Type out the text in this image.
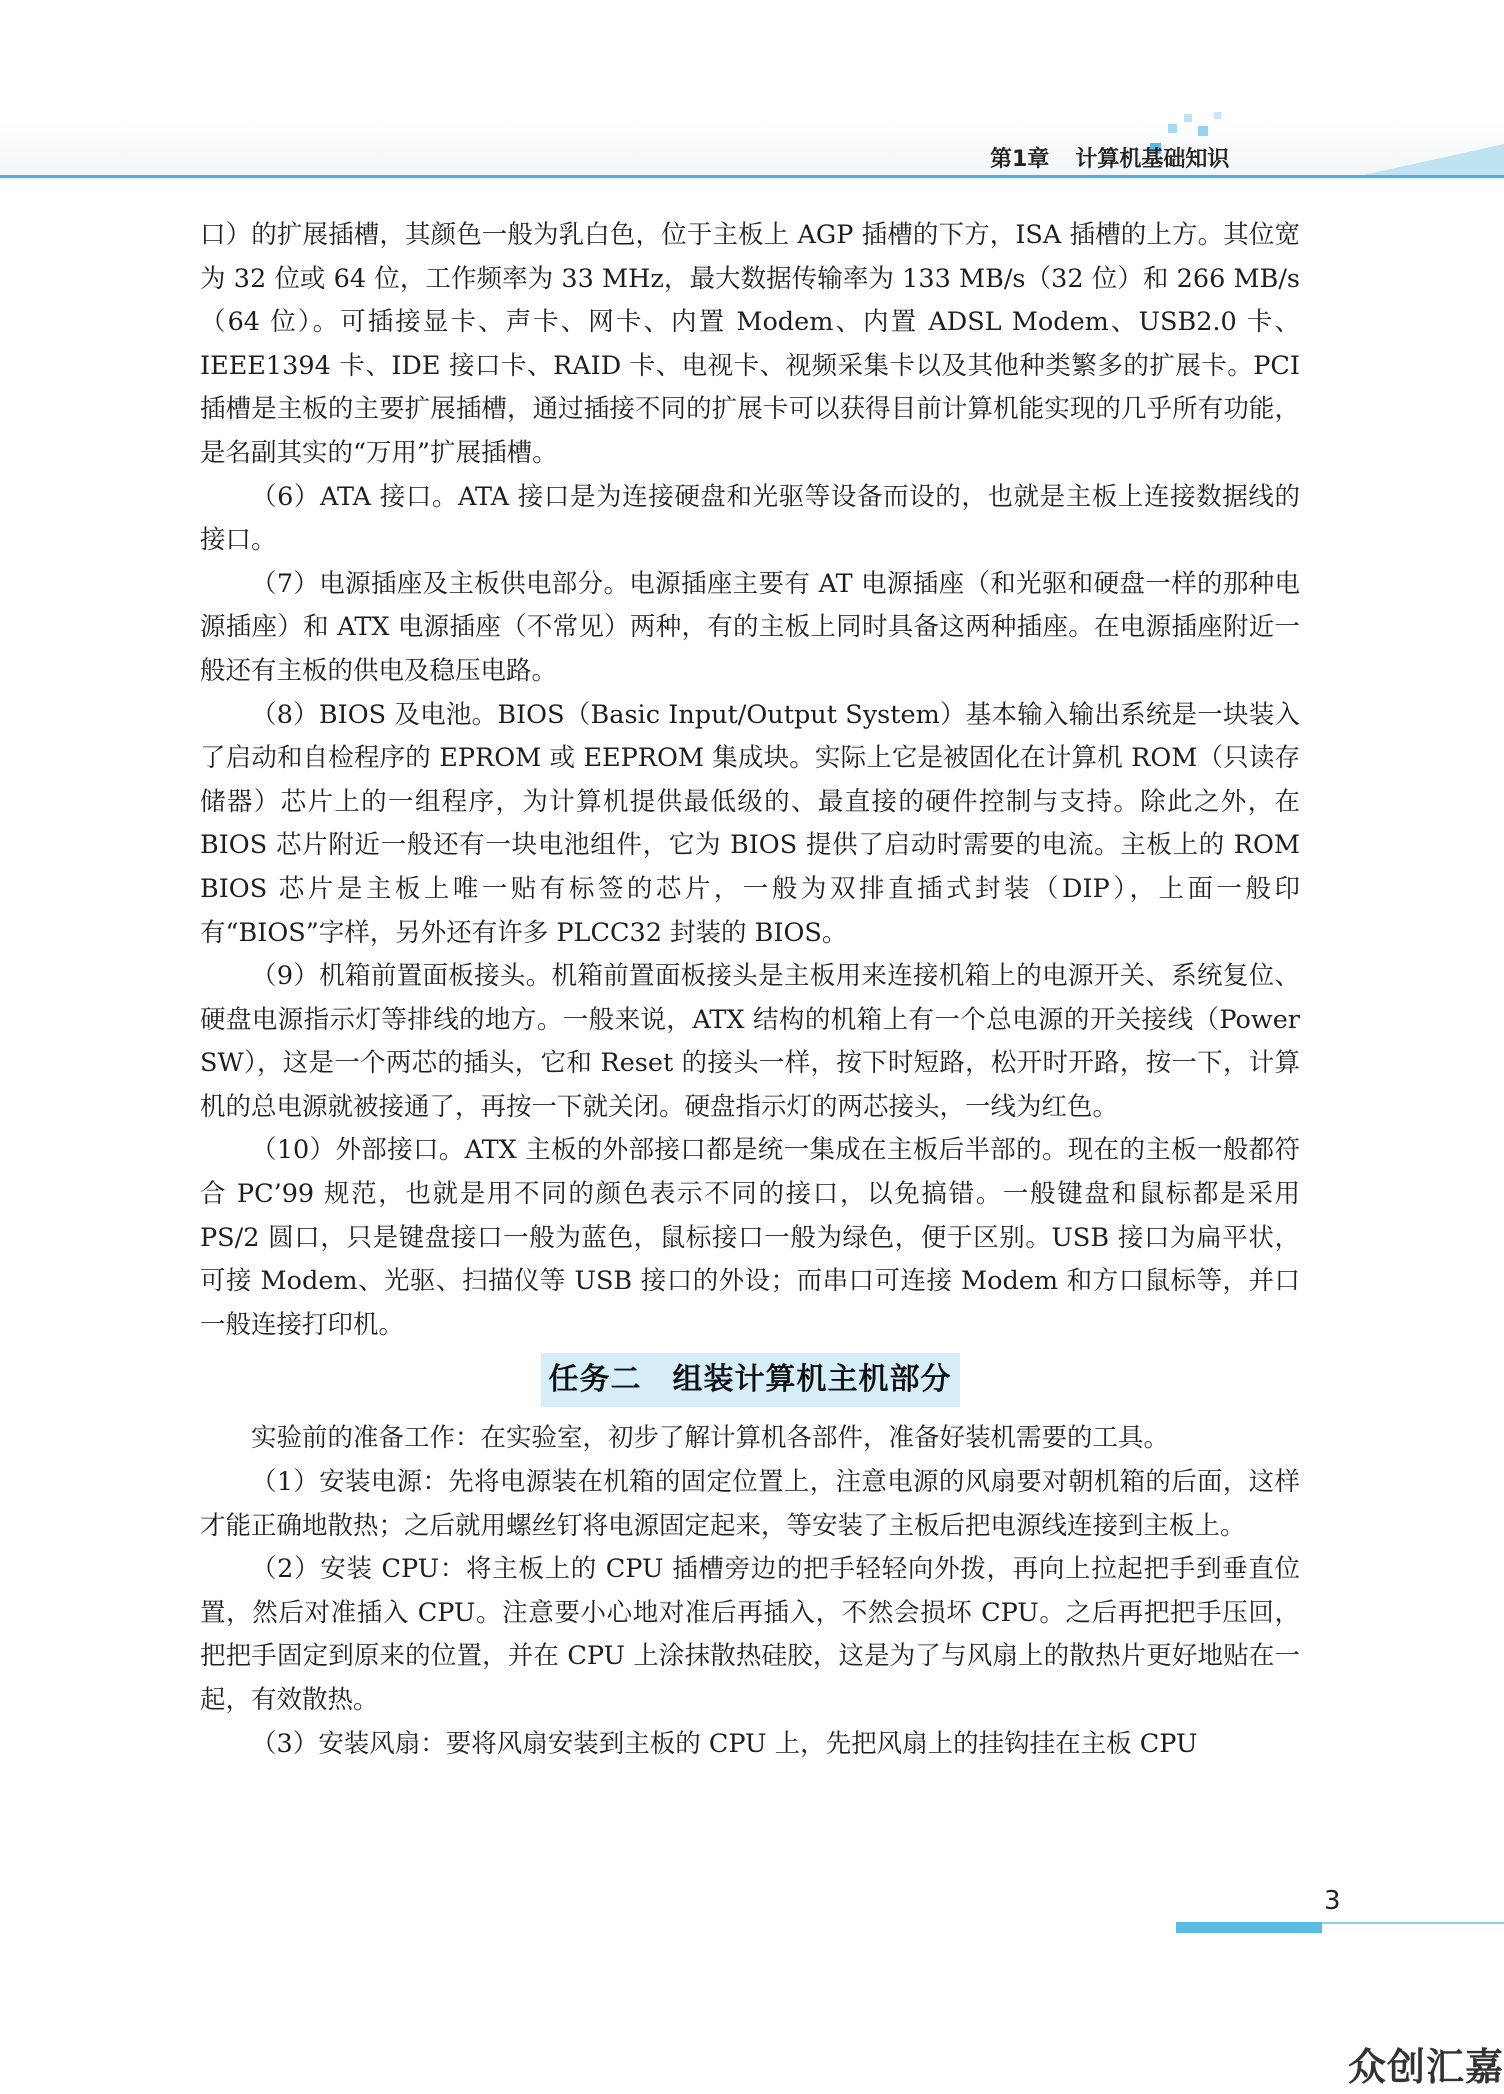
第1章 计算机基础知识

口）的扩展插槽，其颜色一般为乳白色，位于主板上 AGP 插槽的下方，ISA 插槽的上方。其位宽为 32 位或 64 位，工作频率为 33 MHz，最大数据传输率为 133 MB/s（32 位）和 266 MB/s（64 位）。可插接显卡、声卡、网卡、内置 Modem、内置 ADSL Modem、USB2.0 卡、IEEE1394 卡、IDE 接口卡、RAID 卡、电视卡、视频采集卡以及其他种类繁多的扩展卡。PCI 插槽是主板的主要扩展插槽，通过插接不同的扩展卡可以获得目前计算机能实现的几乎所有功能，是名副其实的“万用”扩展插槽。

（6）ATA 接口。ATA 接口是为连接硬盘和光驱等设备而设的，也就是主板上连接数据线的接口。

（7）电源插座及主板供电部分。电源插座主要有 AT 电源插座（和光驱和硬盘一样的那种电源插座）和 ATX 电源插座（不常见）两种，有的主板上同时具备这两种插座。在电源插座附近一般还有主板的供电及稳压电路。

（8）BIOS 及电池。BIOS（Basic Input/Output System）基本输入输出系统是一块装入了启动和自检程序的 EPROM 或 EEPROM 集成块。实际上它是被固化在计算机 ROM（只读存储器）芯片上的一组程序，为计算机提供最低级的、最直接的硬件控制与支持。除此之外，在 BIOS 芯片附近一般还有一块电池组件，它为 BIOS 提供了启动时需要的电流。主板上的 ROM BIOS 芯片是主板上唯一贴有标签的芯片，一般为双排直插式封装（DIP），上面一般印有“BIOS”字样，另外还有许多 PLCC32 封装的 BIOS。

（9）机箱前置面板接头。机箱前置面板接头是主板用来连接机箱上的电源开关、系统复位、硬盘电源指示灯等排线的地方。一般来说，ATX 结构的机箱上有一个总电源的开关接线（Power SW），这是一个两芯的插头，它和 Reset 的接头一样，按下时短路，松开时开路，按一下，计算机的总电源就被接通了，再按一下就关闭。硬盘指示灯的两芯接头，一线为红色。

（10）外部接口。ATX 主板的外部接口都是统一集成在主板后半部的。现在的主板一般都符合 PC’99 规范，也就是用不同的颜色表示不同的接口，以免搞错。一般键盘和鼠标都是采用 PS/2 圆口，只是键盘接口一般为蓝色，鼠标接口一般为绿色，便于区别。USB 接口为扁平状，可接 Modem、光驱、扫描仪等 USB 接口的外设；而串口可连接 Modem 和方口鼠标等，并口一般连接打印机。

任务二　组装计算机主机部分

实验前的准备工作：在实验室，初步了解计算机各部件，准备好装机需要的工具。

（1）安装电源：先将电源装在机箱的固定位置上，注意电源的风扇要对朝机箱的后面，这样才能正确地散热；之后就用螺丝钉将电源固定起来，等安装了主板后把电源线连接到主板上。

（2）安装 CPU：将主板上的 CPU 插槽旁边的把手轻轻向外拨，再向上拉起把手到垂直位置，然后对准插入 CPU。注意要小心地对准后再插入，不然会损坏 CPU。之后再把把手压回，把把手固定到原来的位置，并在 CPU 上涂抹散热硅胶，这是为了与风扇上的散热片更好地贴在一起，有效散热。

（3）安装风扇：要将风扇安装到主板的 CPU 上，先把风扇上的挂钩挂在主板 CPU

3
众创汇嘉
